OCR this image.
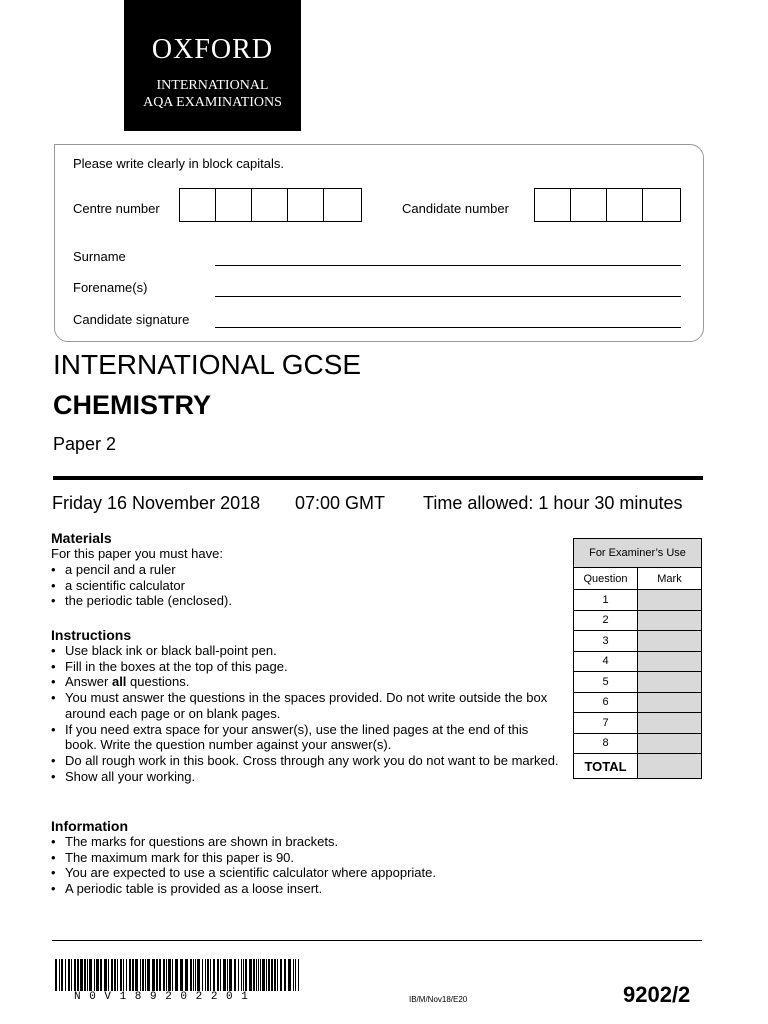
OXFORD
INTERNATIONAL
AQA EXAMINATIONS
Please write clearly in block capitals.
Centre number	Candidate number
Surname
Forename(s)
Candidate signature
INTERNATIONAL GCSE
CHEMISTRY
Paper 2
Friday 16 November 2018 07:00 GMT Time allowed: 1 hour 30 minutes
Materials
For this paper you must have:
• a pencil and a ruler
• a scientific calculator
• the periodic table (enclosed).
Instructions
• Use black ink or black ball-point pen.
• Fill in the boxes at the top of this page.
• Answer all questions.
• You must answer the questions in the spaces provided. Do not write outside the box around each page or on blank pages.
• If you need extra space for your answer(s), use the lined pages at the end of this book. Write the question number against your answer(s).
• Do all rough work in this book. Cross through any work you do not want to be marked.
• Show all your working.
Information
• The marks for questions are shown in brackets.
• The maximum mark for this paper is 90.
• You are expected to use a scientific calculator where appopriate.
• A periodic table is provided as a loose insert.
For Examiner’s Use	
Question	Mark
1	
2	
3	
4	
5	
6	
7	
8	
TOTAL	
N 0 V 1 8 9 2 0 2 2 0 1	IB/M/Nov18/E20	9202/2
